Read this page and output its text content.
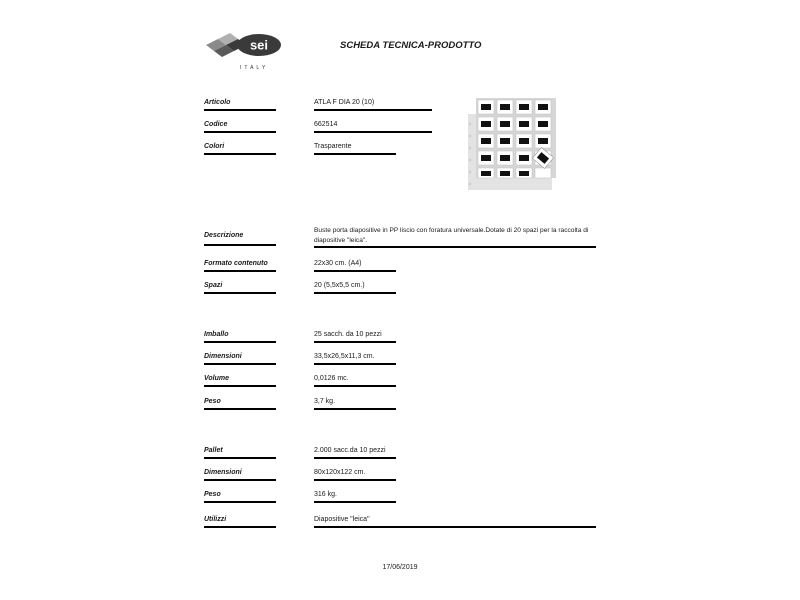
sei
ITALY
SCHEDA TECNICA-PRODOTTO
Articolo	ATLA F DIA 20 (10)
Codice	662514
Colori	Trasparente
Descrizione
Buste porta diapositive in PP liscio con foratura universale.Dotate di 20 spazi per la raccolta di diapositive "leica".
Formato contenuto	22x30 cm. (A4)
Spazi	20 (5,5x5,5 cm.)
Imballo	25 sacch. da 10 pezzi
Dimensioni	33,5x26,5x11,3 cm.
Volume	0,0126 mc.
Peso	3,7 kg.
Pallet	2.000 sacc.da 10 pezzi
Dimensioni	80x120x122 cm.
Peso	316 kg.
Utilizzi	Diapositive "leica"
17/06/2019
